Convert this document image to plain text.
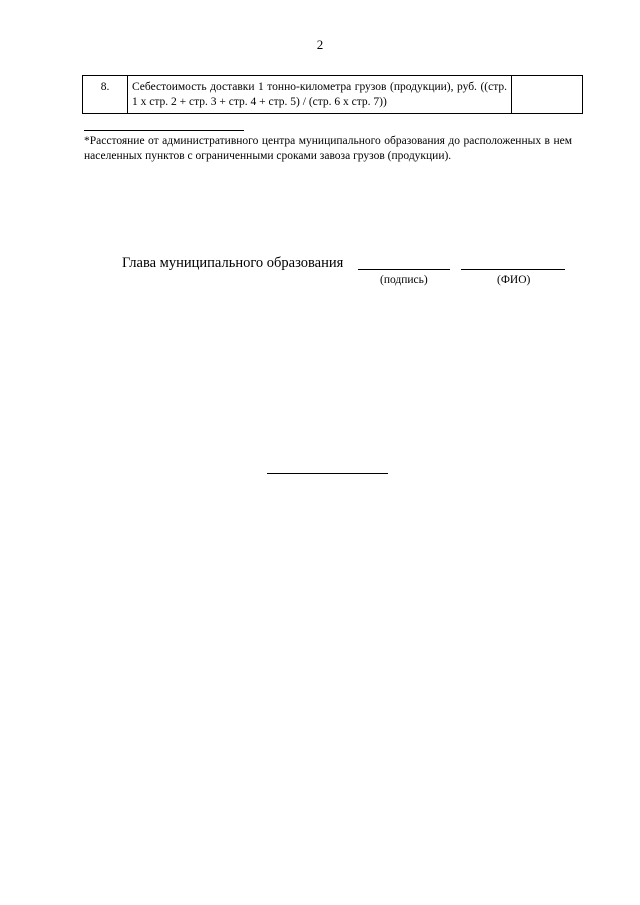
2
8.	Себестоимость доставки 1 тонно-километра грузов (продукции), руб. ((стр. 1 х стр. 2 + стр. 3 + стр. 4 + стр. 5) / (стр. 6 х стр. 7))	

*Расстояние от административного центра муниципального образования до расположенных в нем населенных пунктов с ограниченными сроками завоза грузов (продукции).

Глава муниципального образования
(подпись)	(ФИО)
